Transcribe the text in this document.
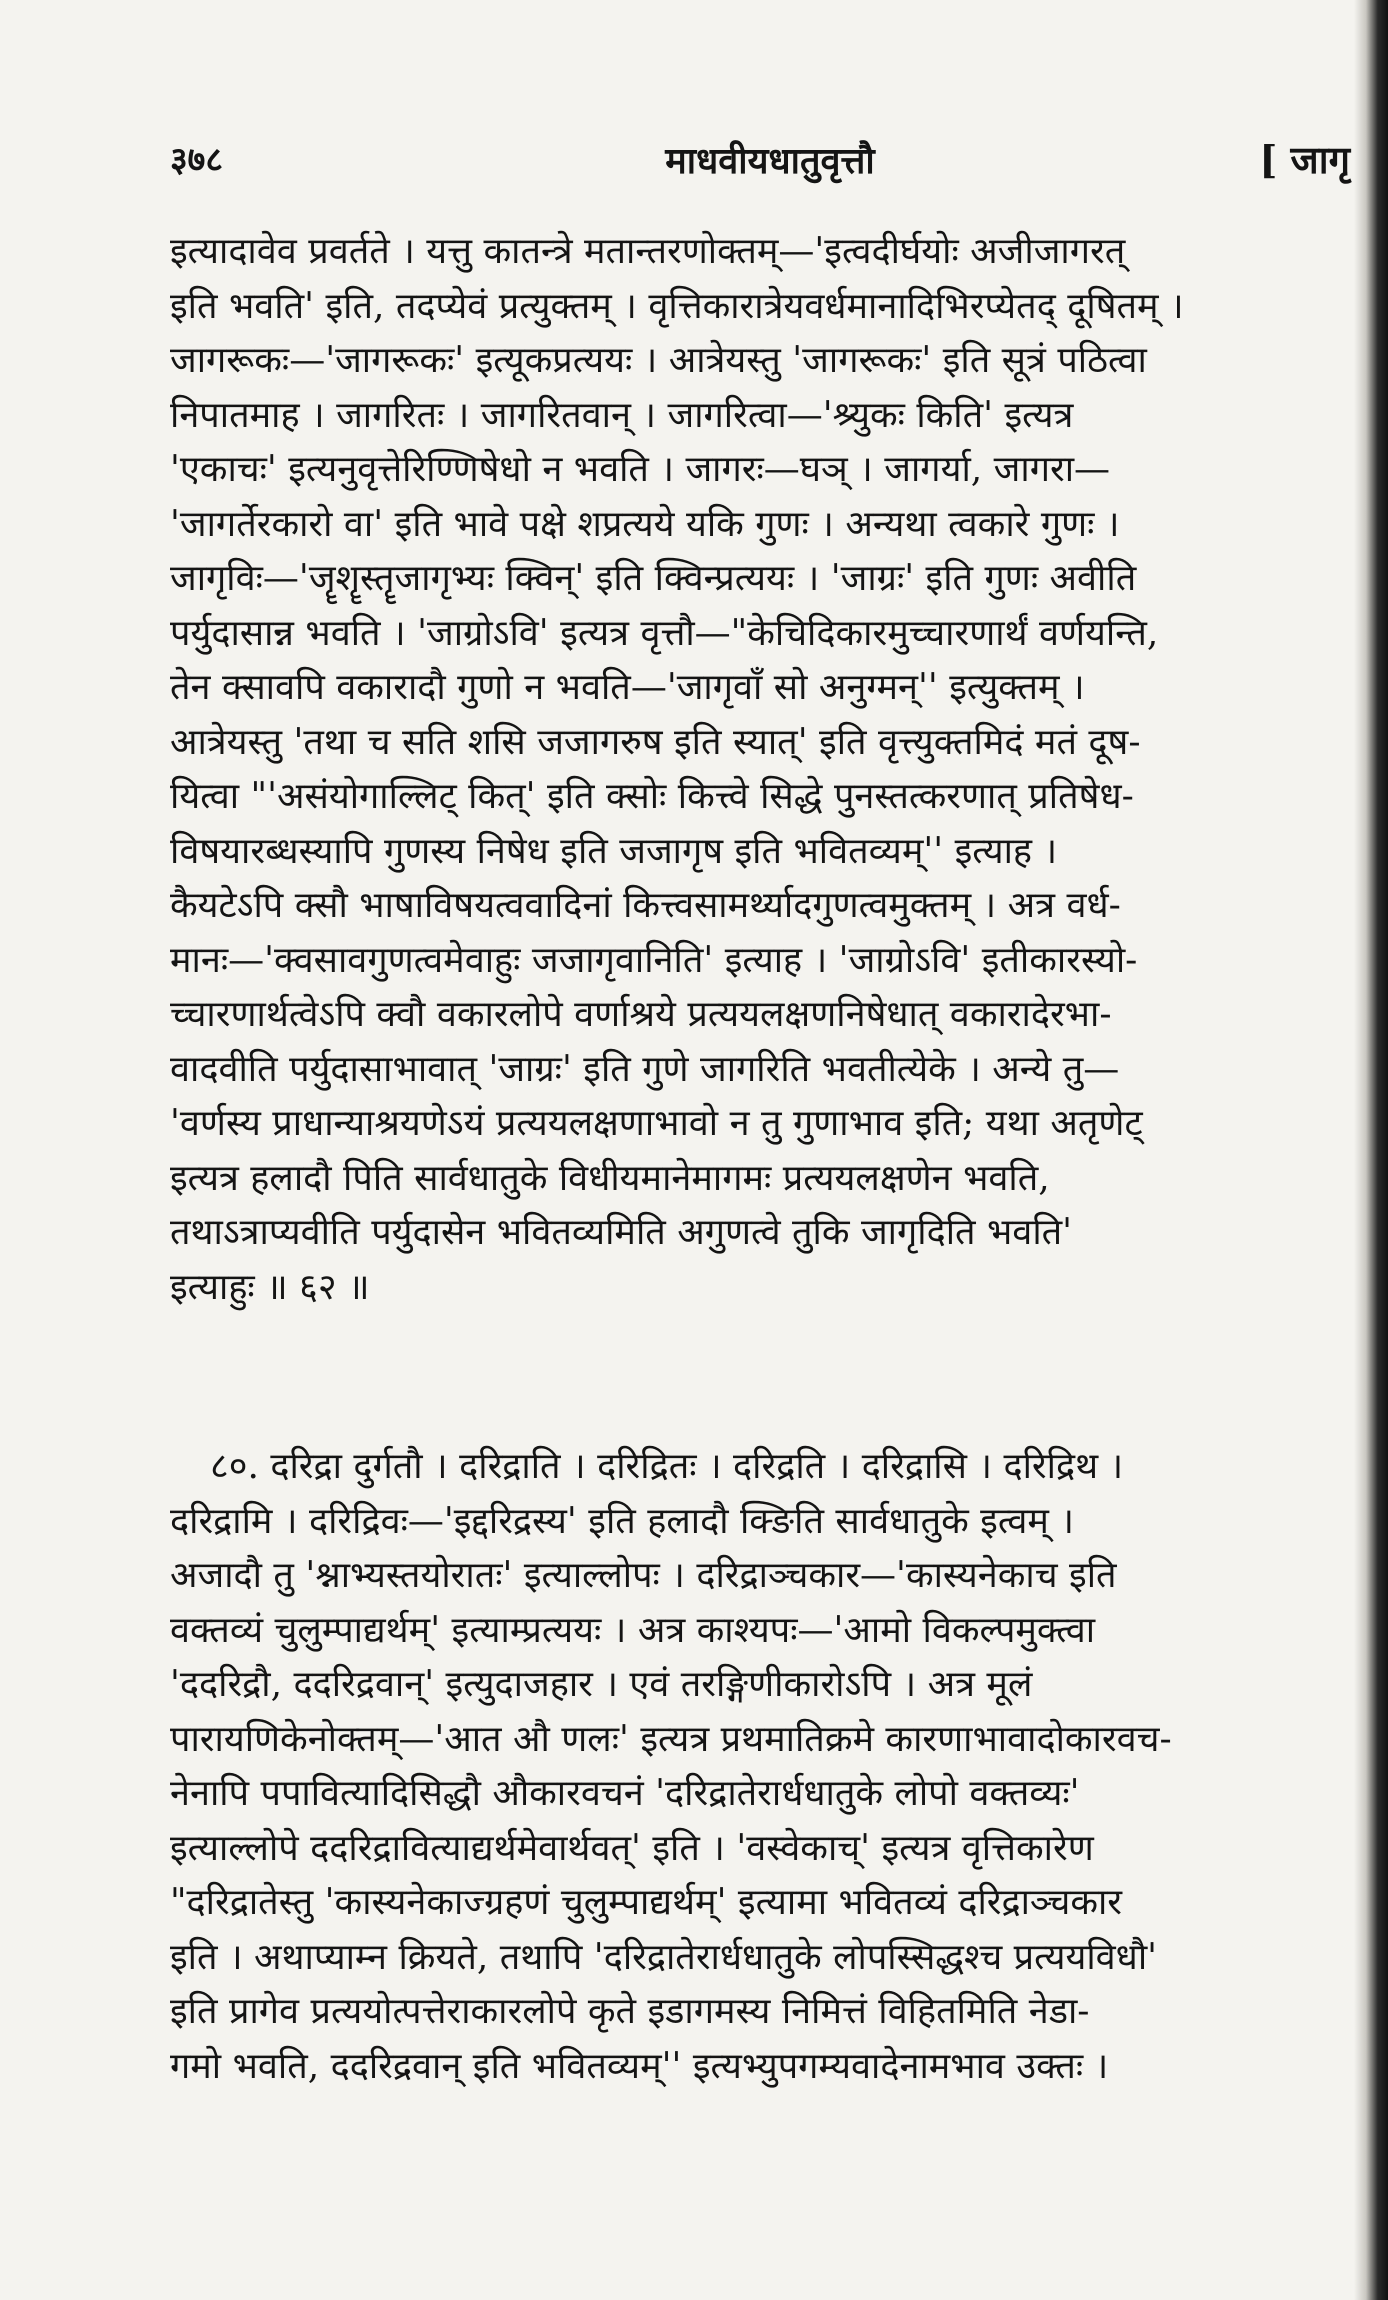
३७८	माधवीयधातुवृत्तौ	[ जागृ
इत्यादावेव प्रवर्तते । यत्तु कातन्त्रे मतान्तरणोक्तम्—'इत्वदीर्घयोः अजीजागरत्
इति भवति' इति, तदप्येवं प्रत्युक्तम् । वृत्तिकारात्रेयवर्धमानादिभिरप्येतद् दूषितम् ।
जागरूकः—'जागरूकः' इत्यूकप्रत्ययः । आत्रेयस्तु 'जागरूकः' इति सूत्रं पठित्वा
निपातमाह । जागरितः । जागरितवान् । जागरित्वा—'श्र्युकः किति' इत्यत्र
'एकाचः' इत्यनुवृत्तेरिण्णिषेधो न भवति । जागरः—घञ् । जागर्या, जागरा—
'जागर्तेरकारो वा' इति भावे पक्षे शप्रत्यये यकि गुणः । अन्यथा त्वकारे गुणः ।
जागृविः—'जॄशॄस्तॄजागृभ्यः क्विन्' इति क्विन्प्रत्ययः । 'जाग्रः' इति गुणः अवीति
पर्युदासान्न भवति । 'जाग्रोऽवि' इत्यत्र वृत्तौ—"केचिदिकारमुच्चारणार्थं वर्णयन्ति,
तेन क्सावपि वकारादौ गुणो न भवति—'जागृवाँ सो अनुग्मन्'' इत्युक्तम् ।
आत्रेयस्तु 'तथा च सति शसि जजागरुष इति स्यात्' इति वृत्त्युक्तमिदं मतं दूष-
यित्वा "'असंयोगाल्लिट् कित्' इति क्सोः कित्त्वे सिद्धे पुनस्तत्करणात् प्रतिषेध-
विषयारब्धस्यापि गुणस्य निषेध इति जजागृष इति भवितव्यम्'' इत्याह ।
कैयटेऽपि क्सौ भाषाविषयत्ववादिनां कित्त्वसामर्थ्यादगुणत्वमुक्तम् । अत्र वर्ध-
मानः—'क्वसावगुणत्वमेवाहुः जजागृवानिति' इत्याह । 'जाग्रोऽवि' इतीकारस्यो-
च्चारणार्थत्वेऽपि क्वौ वकारलोपे वर्णाश्रये प्रत्ययलक्षणनिषेधात् वकारादेरभा-
वादवीति पर्युदासाभावात् 'जाग्रः' इति गुणे जागरिति भवतीत्येके । अन्ये तु—
'वर्णस्य प्राधान्याश्रयणेऽयं प्रत्ययलक्षणाभावो न तु गुणाभाव इति; यथा अतृणेट्
इत्यत्र हलादौ पिति सार्वधातुके विधीयमानेमागमः प्रत्ययलक्षणेन भवति,
तथाऽत्राप्यवीति पर्युदासेन भवितव्यमिति अगुणत्वे तुकि जागृदिति भवति'
इत्याहुः ॥ ६२ ॥
८०. दरिद्रा दुर्गतौ । दरिद्राति । दरिद्रितः । दरिद्रति । दरिद्रासि । दरिद्रिथ ।
दरिद्रामि । दरिद्रिवः—'इद्दरिद्रस्य' इति हलादौ क्ङिति सार्वधातुके इत्वम् ।
अजादौ तु 'श्नाभ्यस्तयोरातः' इत्याल्लोपः । दरिद्राञ्चकार—'कास्यनेकाच इति
वक्तव्यं चुलुम्पाद्यर्थम्' इत्याम्प्रत्ययः । अत्र काश्यपः—'आमो विकल्पमुक्त्वा
'ददरिद्रौ, ददरिद्रवान्' इत्युदाजहार । एवं तरङ्गिणीकारोऽपि । अत्र मूलं
पारायणिकेनोक्तम्—'आत औ णलः' इत्यत्र प्रथमातिक्रमे कारणाभावादोकारवच-
नेनापि पपावित्यादिसिद्धौ औकारवचनं 'दरिद्रातेरार्धधातुके लोपो वक्तव्यः'
इत्याल्लोपे ददरिद्रावित्याद्यर्थमेवार्थवत्' इति । 'वस्वेकाच्' इत्यत्र वृत्तिकारेण
"दरिद्रातेस्तु 'कास्यनेकाज्ग्रहणं चुलुम्पाद्यर्थम्' इत्यामा भवितव्यं दरिद्राञ्चकार
इति । अथाप्याम्न क्रियते, तथापि 'दरिद्रातेरार्धधातुके लोपस्सिद्धश्च प्रत्ययविधौ'
इति प्रागेव प्रत्ययोत्पत्तेराकारलोपे कृते इडागमस्य निमित्तं विहितमिति नेडा-
गमो भवति, ददरिद्रवान् इति भवितव्यम्'' इत्यभ्युपगम्यवादेनामभाव उक्तः ।
